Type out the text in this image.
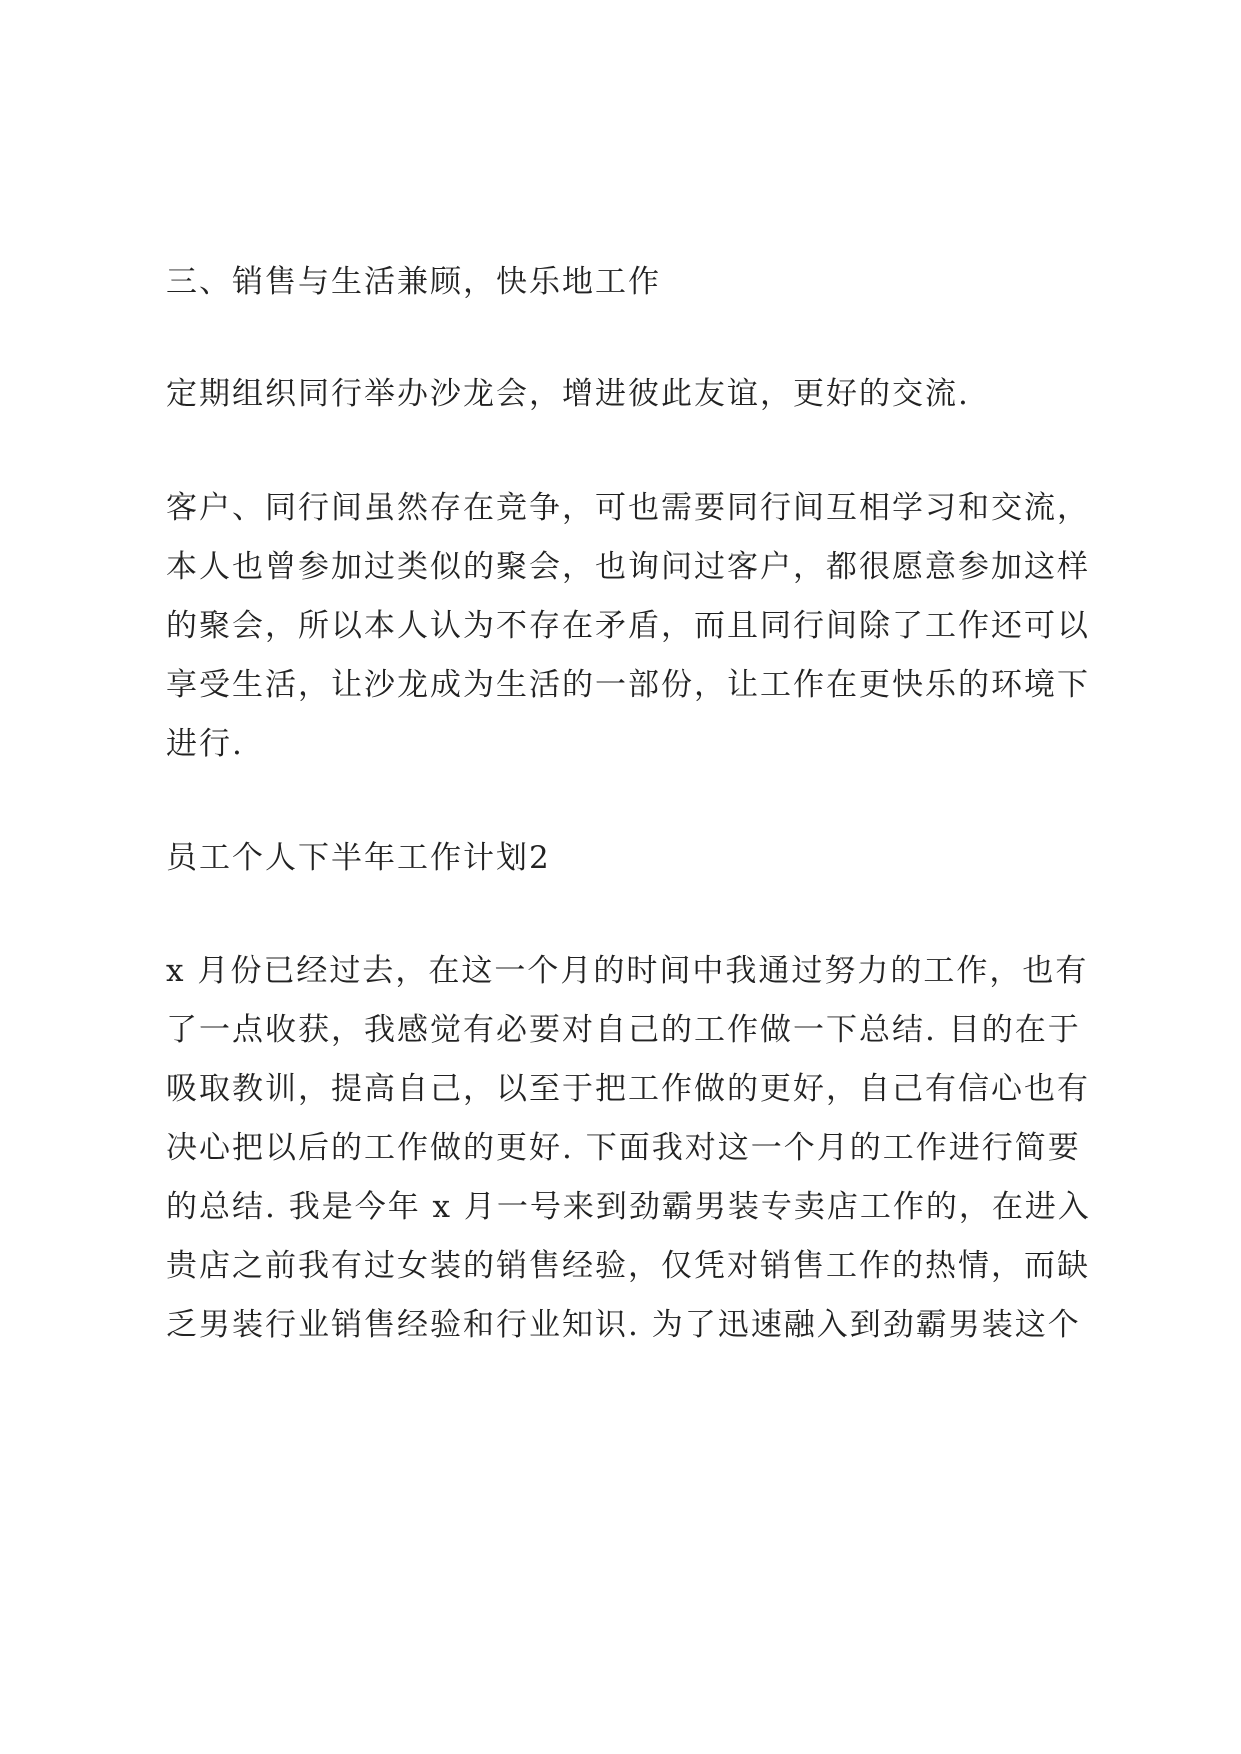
三、销售与生活兼顾，快乐地工作
定期组织同行举办沙龙会，增进彼此友谊，更好的交流.
客户、同行间虽然存在竞争，可也需要同行间互相学习和交流，
本人也曾参加过类似的聚会，也询问过客户，都很愿意参加这样
的聚会，所以本人认为不存在矛盾，而且同行间除了工作还可以
享受生活，让沙龙成为生活的一部份，让工作在更快乐的环境下
进行.
员工个人下半年工作计划2
x 月份已经过去，在这一个月的时间中我通过努力的工作，也有
了一点收获，我感觉有必要对自己的工作做一下总结. 目的在于
吸取教训，提高自己，以至于把工作做的更好，自己有信心也有
决心把以后的工作做的更好. 下面我对这一个月的工作进行简要
的总结. 我是今年 x 月一号来到劲霸男装专卖店工作的，在进入
贵店之前我有过女装的销售经验，仅凭对销售工作的热情，而缺
乏男装行业销售经验和行业知识. 为了迅速融入到劲霸男装这个
